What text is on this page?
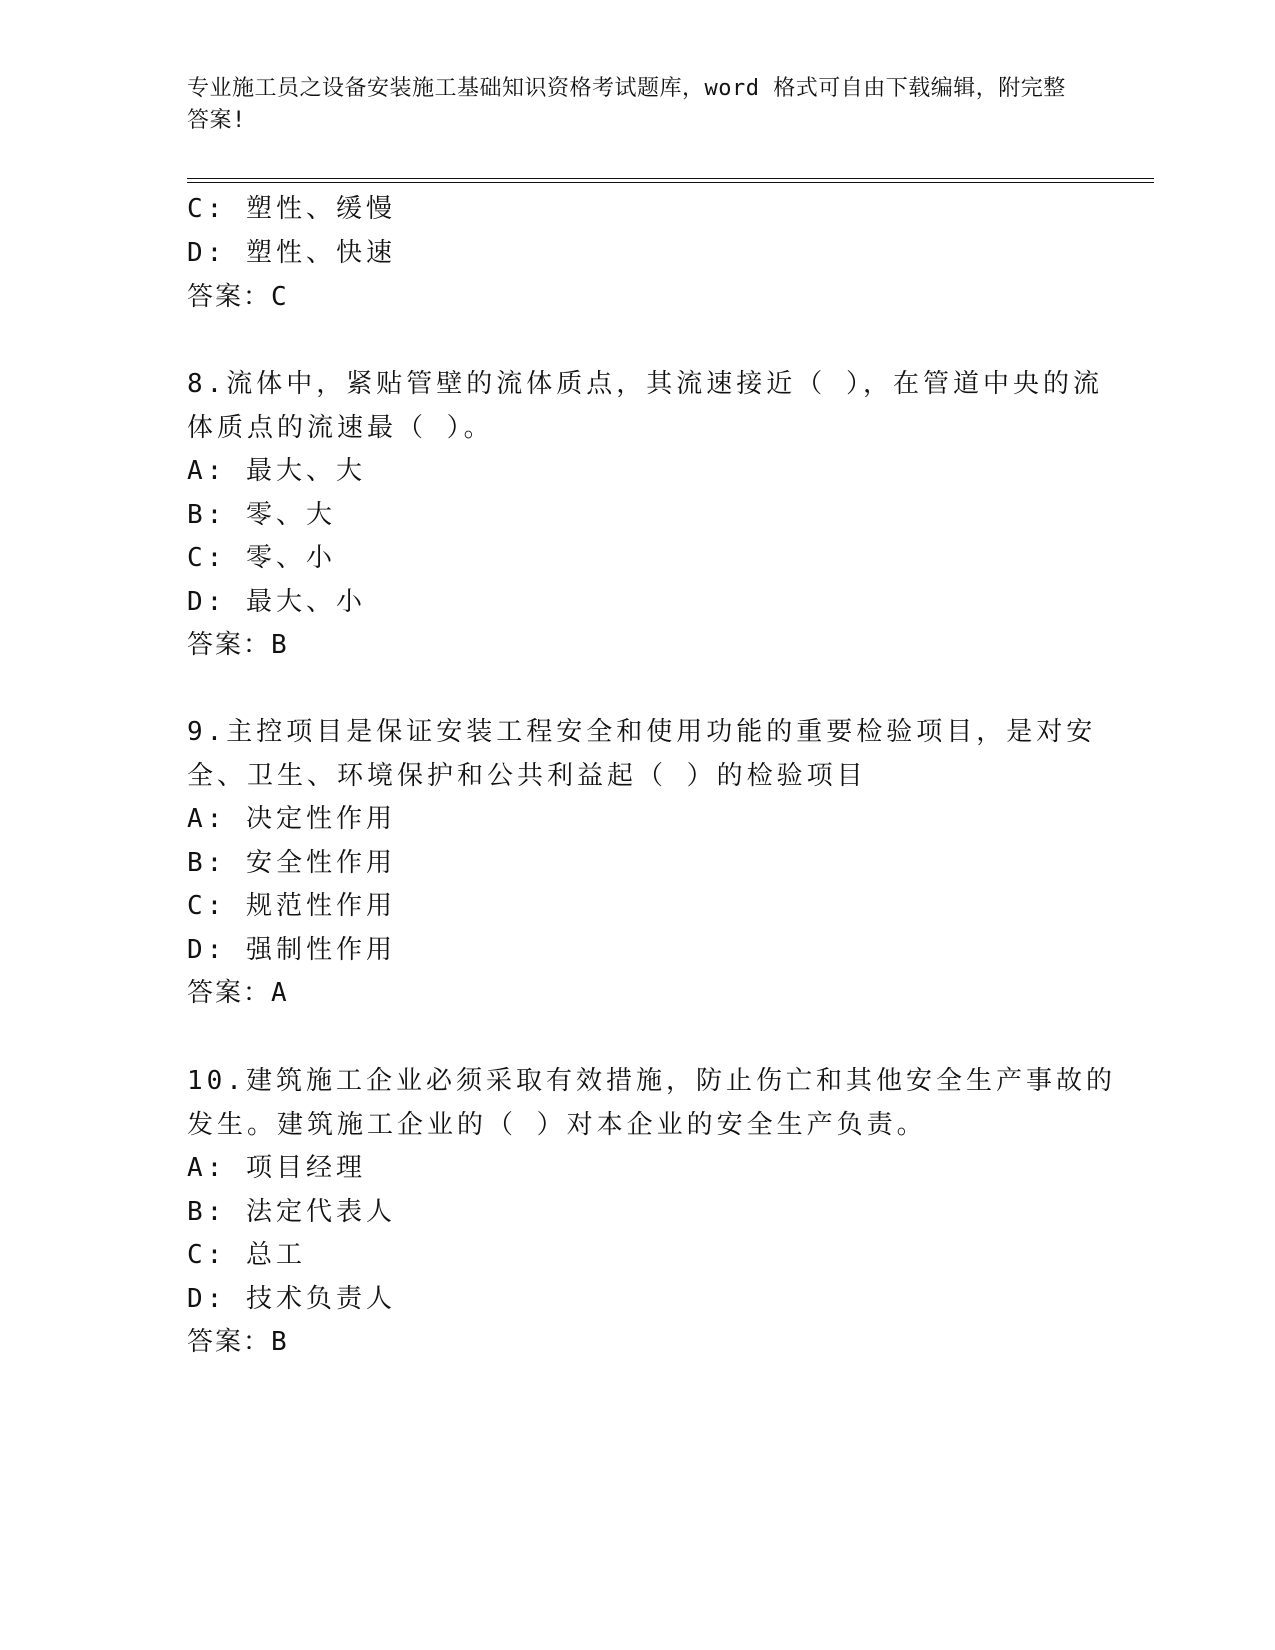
专业施工员之设备安装施工基础知识资格考试题库，word 格式可自由下载编辑，附完整答案!
C: 塑性、缓慢
D: 塑性、快速
答案：C
8.流体中，紧贴管壁的流体质点，其流速接近（ ），在管道中央的流
体质点的流速最（ ）。
A: 最大、大
B: 零、大
C: 零、小
D: 最大、小
答案：B
9.主控项目是保证安装工程安全和使用功能的重要检验项目，是对安
全、卫生、环境保护和公共利益起（ ）的检验项目
A: 决定性作用
B: 安全性作用
C: 规范性作用
D: 强制性作用
答案：A
10.建筑施工企业必须采取有效措施，防止伤亡和其他安全生产事故的
发生。建筑施工企业的（ ）对本企业的安全生产负责。
A: 项目经理
B: 法定代表人
C: 总工
D: 技术负责人
答案：B
